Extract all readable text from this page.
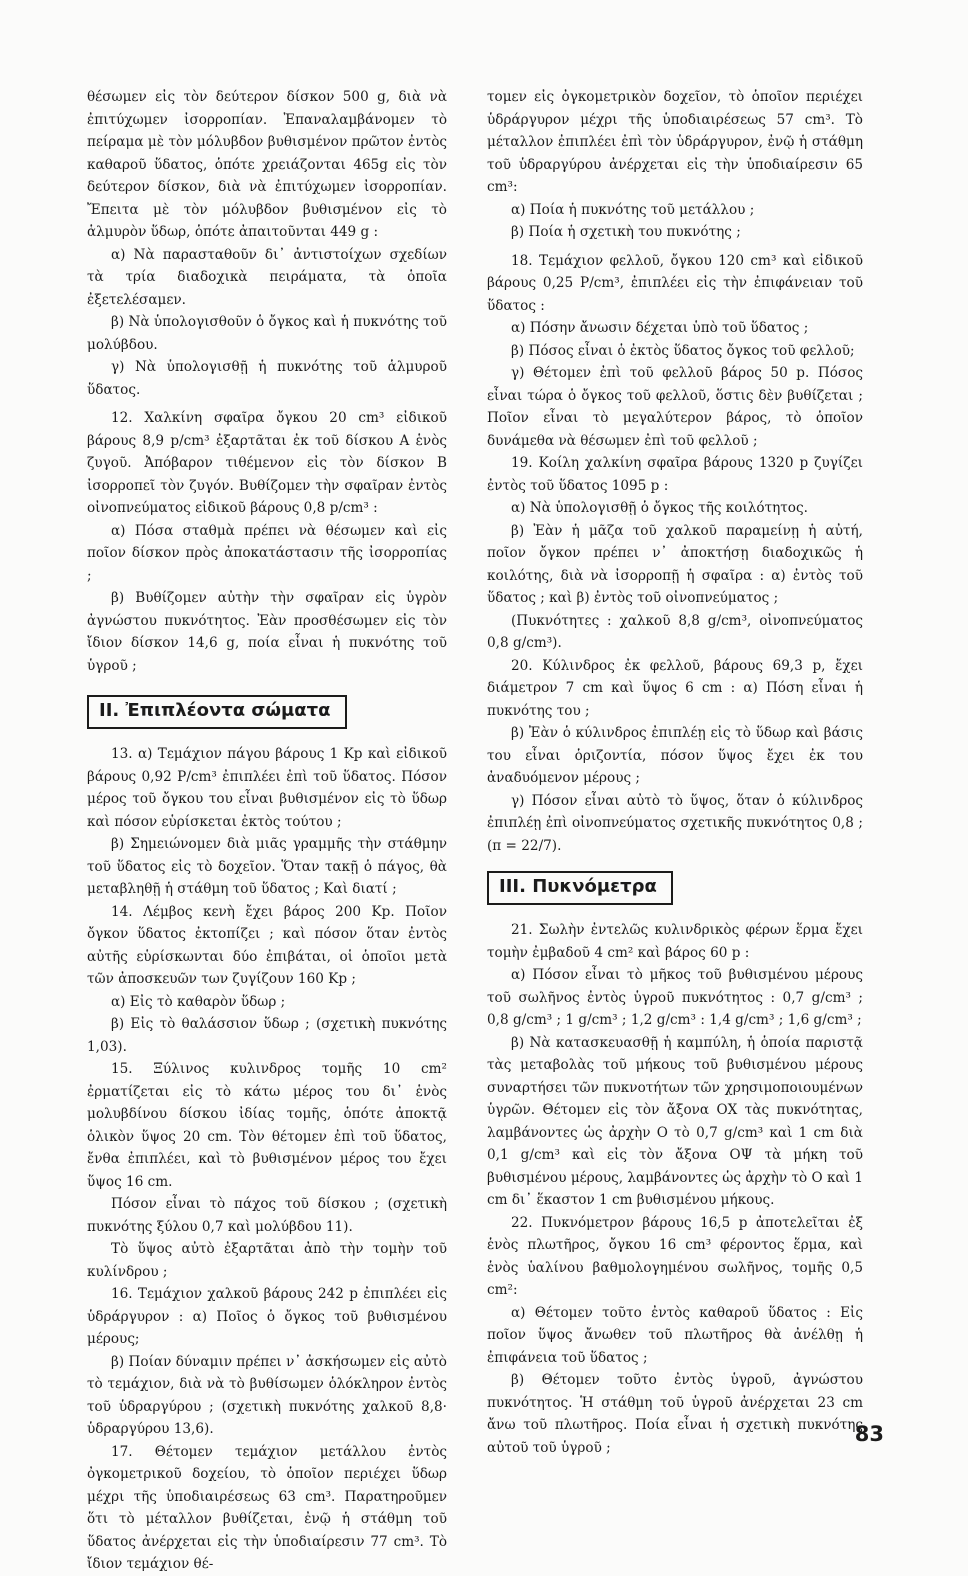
θέσωμεν εἰς τὸν δεύτερον δίσκον 500 g, διὰ νὰ ἐπιτύχωμεν ἰσορροπίαν. Ἐπαναλαμβάνομεν τὸ πείραμα μὲ τὸν μόλυβδον βυθισμένον πρῶτον ἐντὸς καθαροῦ ὕδατος, ὁπότε χρειάζονται 465g εἰς τὸν δεύτερον δίσκον, διὰ νὰ ἐπιτύχωμεν ἰσορροπίαν. Ἔπειτα μὲ τὸν μόλυβδον βυθισμένον εἰς τὸ ἁλμυρὸν ὕδωρ, ὁπότε ἀπαιτοῦνται 449 g :

α) Νὰ παρασταθοῦν δι᾽ ἀντιστοίχων σχεδίων τὰ τρία διαδοχικὰ πειράματα, τὰ ὁποῖα ἐξετελέσαμεν.

β) Νὰ ὑπολογισθοῦν ὁ ὄγκος καὶ ἡ πυκνότης τοῦ μολύβδου.

γ) Νὰ ὑπολογισθῇ ἡ πυκνότης τοῦ ἁλμυροῦ ὕδατος.

12. Χαλκίνη σφαῖρα ὄγκου 20 cm³ εἰδικοῦ βάρους 8,9 p/cm³ ἐξαρτᾶται ἐκ τοῦ δίσκου Α ἑνὸς ζυγοῦ. Ἀπόβαρον τιθέμενον εἰς τὸν δίσκον Β ἰσορροπεῖ τὸν ζυγόν. Βυθίζομεν τὴν σφαῖραν ἐντὸς οἰνοπνεύματος εἰδικοῦ βάρους 0,8 p/cm³ :

α) Πόσα σταθμὰ πρέπει νὰ θέσωμεν καὶ εἰς ποῖον δίσκον πρὸς ἀποκατάστασιν τῆς ἰσορροπίας ;

β) Βυθίζομεν αὐτὴν τὴν σφαῖραν εἰς ὑγρὸν ἀγνώστου πυκνότητος. Ἐὰν προσθέσωμεν εἰς τὸν ἴδιον δίσκον 14,6 g, ποία εἶναι ἡ πυκνότης τοῦ ὑγροῦ ;

II. Ἐπιπλέοντα σώματα

13. α) Τεμάχιον πάγου βάρους 1 Kp καὶ εἰδικοῦ βάρους 0,92 P/cm³ ἐπιπλέει ἐπὶ τοῦ ὕδατος. Πόσον μέρος τοῦ ὄγκου του εἶναι βυθισμένον εἰς τὸ ὕδωρ καὶ πόσον εὑρίσκεται ἐκτὸς τούτου ;

β) Σημειώνομεν διὰ μιᾶς γραμμῆς τὴν στάθμην τοῦ ὕδατος εἰς τὸ δοχεῖον. Ὅταν τακῇ ὁ πάγος, θὰ μεταβληθῇ ἡ στάθμη τοῦ ὕδατος ; Καὶ διατί ;

14. Λέμβος κενὴ ἔχει βάρος 200 Kp. Ποῖον ὄγκον ὕδατος ἐκτοπίζει ; καὶ πόσον ὅταν ἐντὸς αὐτῆς εὑρίσκωνται δύο ἐπιβάται, οἱ ὁποῖοι μετὰ τῶν ἀποσκευῶν των ζυγίζουν 160 Kp ;

α) Εἰς τὸ καθαρὸν ὕδωρ ;

β) Εἰς τὸ θαλάσσιον ὕδωρ ; (σχετικὴ πυκνότης 1,03).

15. Ξύλινος κυλινδρος τομῆς 10 cm² ἐρματίζεται εἰς τὸ κάτω μέρος του δι᾽ ἑνὸς μολυβδίνου δίσκου ἰδίας τομῆς, ὁπότε ἀποκτᾷ ὁλικὸν ὕψος 20 cm. Τὸν θέτομεν ἐπὶ τοῦ ὕδατος, ἔνθα ἐπιπλέει, καὶ τὸ βυθισμένον μέρος του ἔχει ὕψος 16 cm.

Πόσον εἶναι τὸ πάχος τοῦ δίσκου ; (σχετικὴ πυκνότης ξύλου 0,7 καὶ μολύβδου 11).

Τὸ ὕψος αὐτὸ ἐξαρτᾶται ἀπὸ τὴν τομὴν τοῦ κυλίνδρου ;

16. Τεμάχιον χαλκοῦ βάρους 242 p ἐπιπλέει εἰς ὑδράργυρον : α) Ποῖος ὁ ὄγκος τοῦ βυθισμένου μέρους;

β) Ποίαν δύναμιν πρέπει ν᾽ ἀσκήσωμεν εἰς αὐτὸ τὸ τεμάχιον, διὰ νὰ τὸ βυθίσωμεν ὁλόκληρον ἐντὸς τοῦ ὑδραργύρου ; (σχετικὴ πυκνότης χαλκοῦ 8,8· ὑδραργύρου 13,6).

17. Θέτομεν τεμάχιον μετάλλου ἐντὸς ὀγκομετρικοῦ δοχείου, τὸ ὁποῖον περιέχει ὕδωρ μέχρι τῆς ὑποδιαιρέσεως 63 cm³. Παρατηροῦμεν ὅτι τὸ μέταλλον βυθίζεται, ἐνῷ ἡ στάθμη τοῦ ὕδατος ἀνέρχεται εἰς τὴν ὑποδιαίρεσιν 77 cm³. Τὸ ἴδιον τεμάχιον θέ-

τομεν εἰς ὀγκομετρικὸν δοχεῖον, τὸ ὁποῖον περιέχει ὑδράργυρον μέχρι τῆς ὑποδιαιρέσεως 57 cm³. Τὸ μέταλλον ἐπιπλέει ἐπὶ τὸν ὑδράργυρον, ἐνῷ ἡ στάθμη τοῦ ὑδραργύρου ἀνέρχεται εἰς τὴν ὑποδιαίρεσιν 65 cm³:

α) Ποία ἡ πυκνότης τοῦ μετάλλου ;

β) Ποία ἡ σχετικὴ του πυκνότης ;

18. Τεμάχιον φελλοῦ, ὄγκου 120 cm³ καὶ εἰδικοῦ βάρους 0,25 P/cm³, ἐπιπλέει εἰς τὴν ἐπιφάνειαν τοῦ ὕδατος :

α) Πόσην ἄνωσιν δέχεται ὑπὸ τοῦ ὕδατος ;

β) Πόσος εἶναι ὁ ἐκτὸς ὕδατος ὄγκος τοῦ φελλοῦ;

γ) Θέτομεν ἐπὶ τοῦ φελλοῦ βάρος 50 p. Πόσος εἶναι τώρα ὁ ὄγκος τοῦ φελλοῦ, ὅστις δὲν βυθίζεται ; Ποῖον εἶναι τὸ μεγαλύτερον βάρος, τὸ ὁποῖον δυνάμεθα νὰ θέσωμεν ἐπὶ τοῦ φελλοῦ ;

19. Κοίλη χαλκίνη σφαῖρα βάρους 1320 p ζυγίζει ἐντὸς τοῦ ὕδατος 1095 p :

α) Νὰ ὑπολογισθῇ ὁ ὄγκος τῆς κοιλότητος.

β) Ἐὰν ἡ μᾶζα τοῦ χαλκοῦ παραμείνῃ ἡ αὐτή, ποῖον ὄγκον πρέπει ν᾽ ἀποκτήσῃ διαδοχικῶς ἡ κοιλότης, διὰ νὰ ἰσορροπῇ ἡ σφαῖρα : α) ἐντὸς τοῦ ὕδατος ; καὶ β) ἐντὸς τοῦ οἰνοπνεύματος ;

(Πυκνότητες : χαλκοῦ 8,8 g/cm³, οἰνοπνεύματος 0,8 g/cm³).

20. Κύλινδρος ἐκ φελλοῦ, βάρους 69,3 p, ἔχει διάμετρον 7 cm καὶ ὕψος 6 cm : α) Πόση εἶναι ἡ πυκνότης του ;

β) Ἐὰν ὁ κύλινδρος ἐπιπλέῃ εἰς τὸ ὕδωρ καὶ βάσις του εἶναι ὁριζοντία, πόσον ὕψος ἔχει ἐκ του ἀναδυόμενον μέρους ;

γ) Πόσον εἶναι αὐτὸ τὸ ὕψος, ὅταν ὁ κύλινδρος ἐπιπλέῃ ἐπὶ οἰνοπνεύματος σχετικῆς πυκνότητος 0,8 ; (π = 22/7).

III. Πυκνόμετρα

21. Σωλὴν ἐντελῶς κυλινδρικὸς φέρων ἕρμα ἔχει τομὴν ἐμβαδοῦ 4 cm² καὶ βάρος 60 p :

α) Πόσον εἶναι τὸ μῆκος τοῦ βυθισμένου μέρους τοῦ σωλῆνος ἐντὸς ὑγροῦ πυκνότητος : 0,7 g/cm³ ; 0,8 g/cm³ ; 1 g/cm³ ; 1,2 g/cm³ : 1,4 g/cm³ ; 1,6 g/cm³ ;

β) Νὰ κατασκευασθῇ ἡ καμπύλη, ἡ ὁποία παριστᾷ τὰς μεταβολὰς τοῦ μήκους τοῦ βυθισμένου μέρους συναρτήσει τῶν πυκνοτήτων τῶν χρησιμοποιουμένων ὑγρῶν. Θέτομεν εἰς τὸν ἄξονα ΟΧ τὰς πυκνότητας, λαμβάνοντες ὡς ἀρχὴν Ο τὸ 0,7 g/cm³ καὶ 1 cm διὰ 0,1 g/cm³ καὶ εἰς τὸν ἄξονα ΟΨ τὰ μήκη τοῦ βυθισμένου μέρους, λαμβάνοντες ὡς ἀρχὴν τὸ Ο καὶ 1 cm δι᾽ ἕκαστον 1 cm βυθισμένου μήκους.

22. Πυκνόμετρον βάρους 16,5 p ἀποτελεῖται ἐξ ἑνὸς πλωτῆρος, ὄγκου 16 cm³ φέροντος ἕρμα, καὶ ἑνὸς ὑαλίνου βαθμολογημένου σωλῆνος, τομῆς 0,5 cm²:

α) Θέτομεν τοῦτο ἐντὸς καθαροῦ ὕδατος : Εἰς ποῖον ὕψος ἄνωθεν τοῦ πλωτῆρος θὰ ἀνέλθῃ ἡ ἐπιφάνεια τοῦ ὕδατος ;

β) Θέτομεν τοῦτο ἐντὸς ὑγροῦ, ἀγνώστου πυκνότητος. Ἡ στάθμη τοῦ ὑγροῦ ἀνέρχεται 23 cm ἄνω τοῦ πλωτῆρος. Ποία εἶναι ἡ σχετικὴ πυκνότης αὐτοῦ τοῦ ὑγροῦ ;

83
